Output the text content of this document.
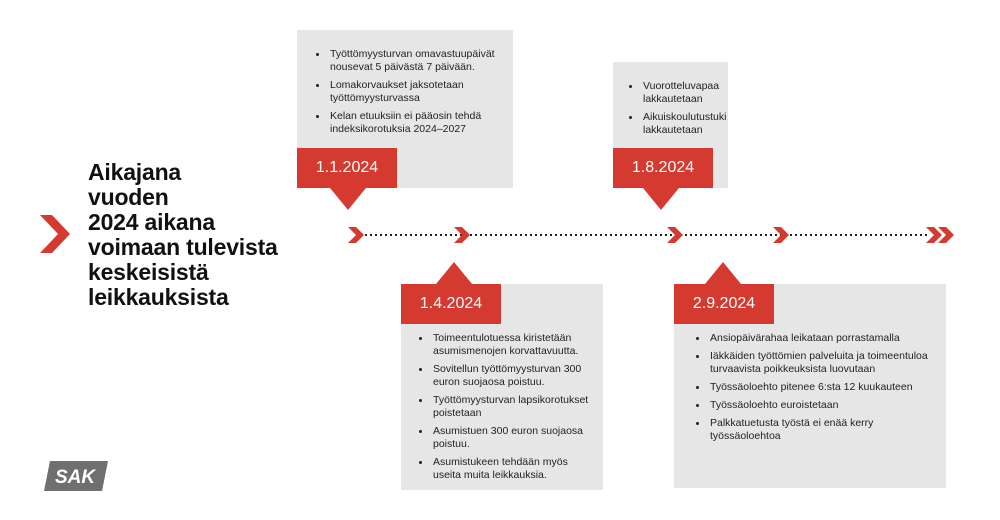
Aikajana
vuoden
2024 aikana
voimaan tulevista
keskeisistä
leikkauksista
• Työttömyysturvan omavastuupäivät nousevat 5 päivästä 7 päivään.
• Lomakorvaukset jaksotetaan työttömyysturvassa
• Kelan etuuksiin ei pääosin tehdä indeksikorotuksia 2024–2027
1.1.2024
• Vuorotteluvapaa lakkautetaan
• Aikuiskoulutustuki lakkautetaan
1.8.2024
• Toimeentulotuessa kiristetään asumismenojen korvattavuutta.
• Sovitellun työttömyysturvan 300 euron suojaosa poistuu.
• Työttömyysturvan lapsikorotukset poistetaan
• Asumistuen 300 euron suojaosa poistuu.
• Asumistukeen tehdään myös useita muita leikkauksia.
1.4.2024
• Ansiopäivärahaa leikataan porrastamalla
• Iäkkäiden työttömien palveluita ja toimeentuloa turvaavista poikkeuksista luovutaan
• Työssäoloehto pitenee 6:sta 12 kuukauteen
• Työssäoloehto euroistetaan
• Palkkatuetusta työstä ei enää kerry työssäoloehtoa
2.9.2024
SAK
